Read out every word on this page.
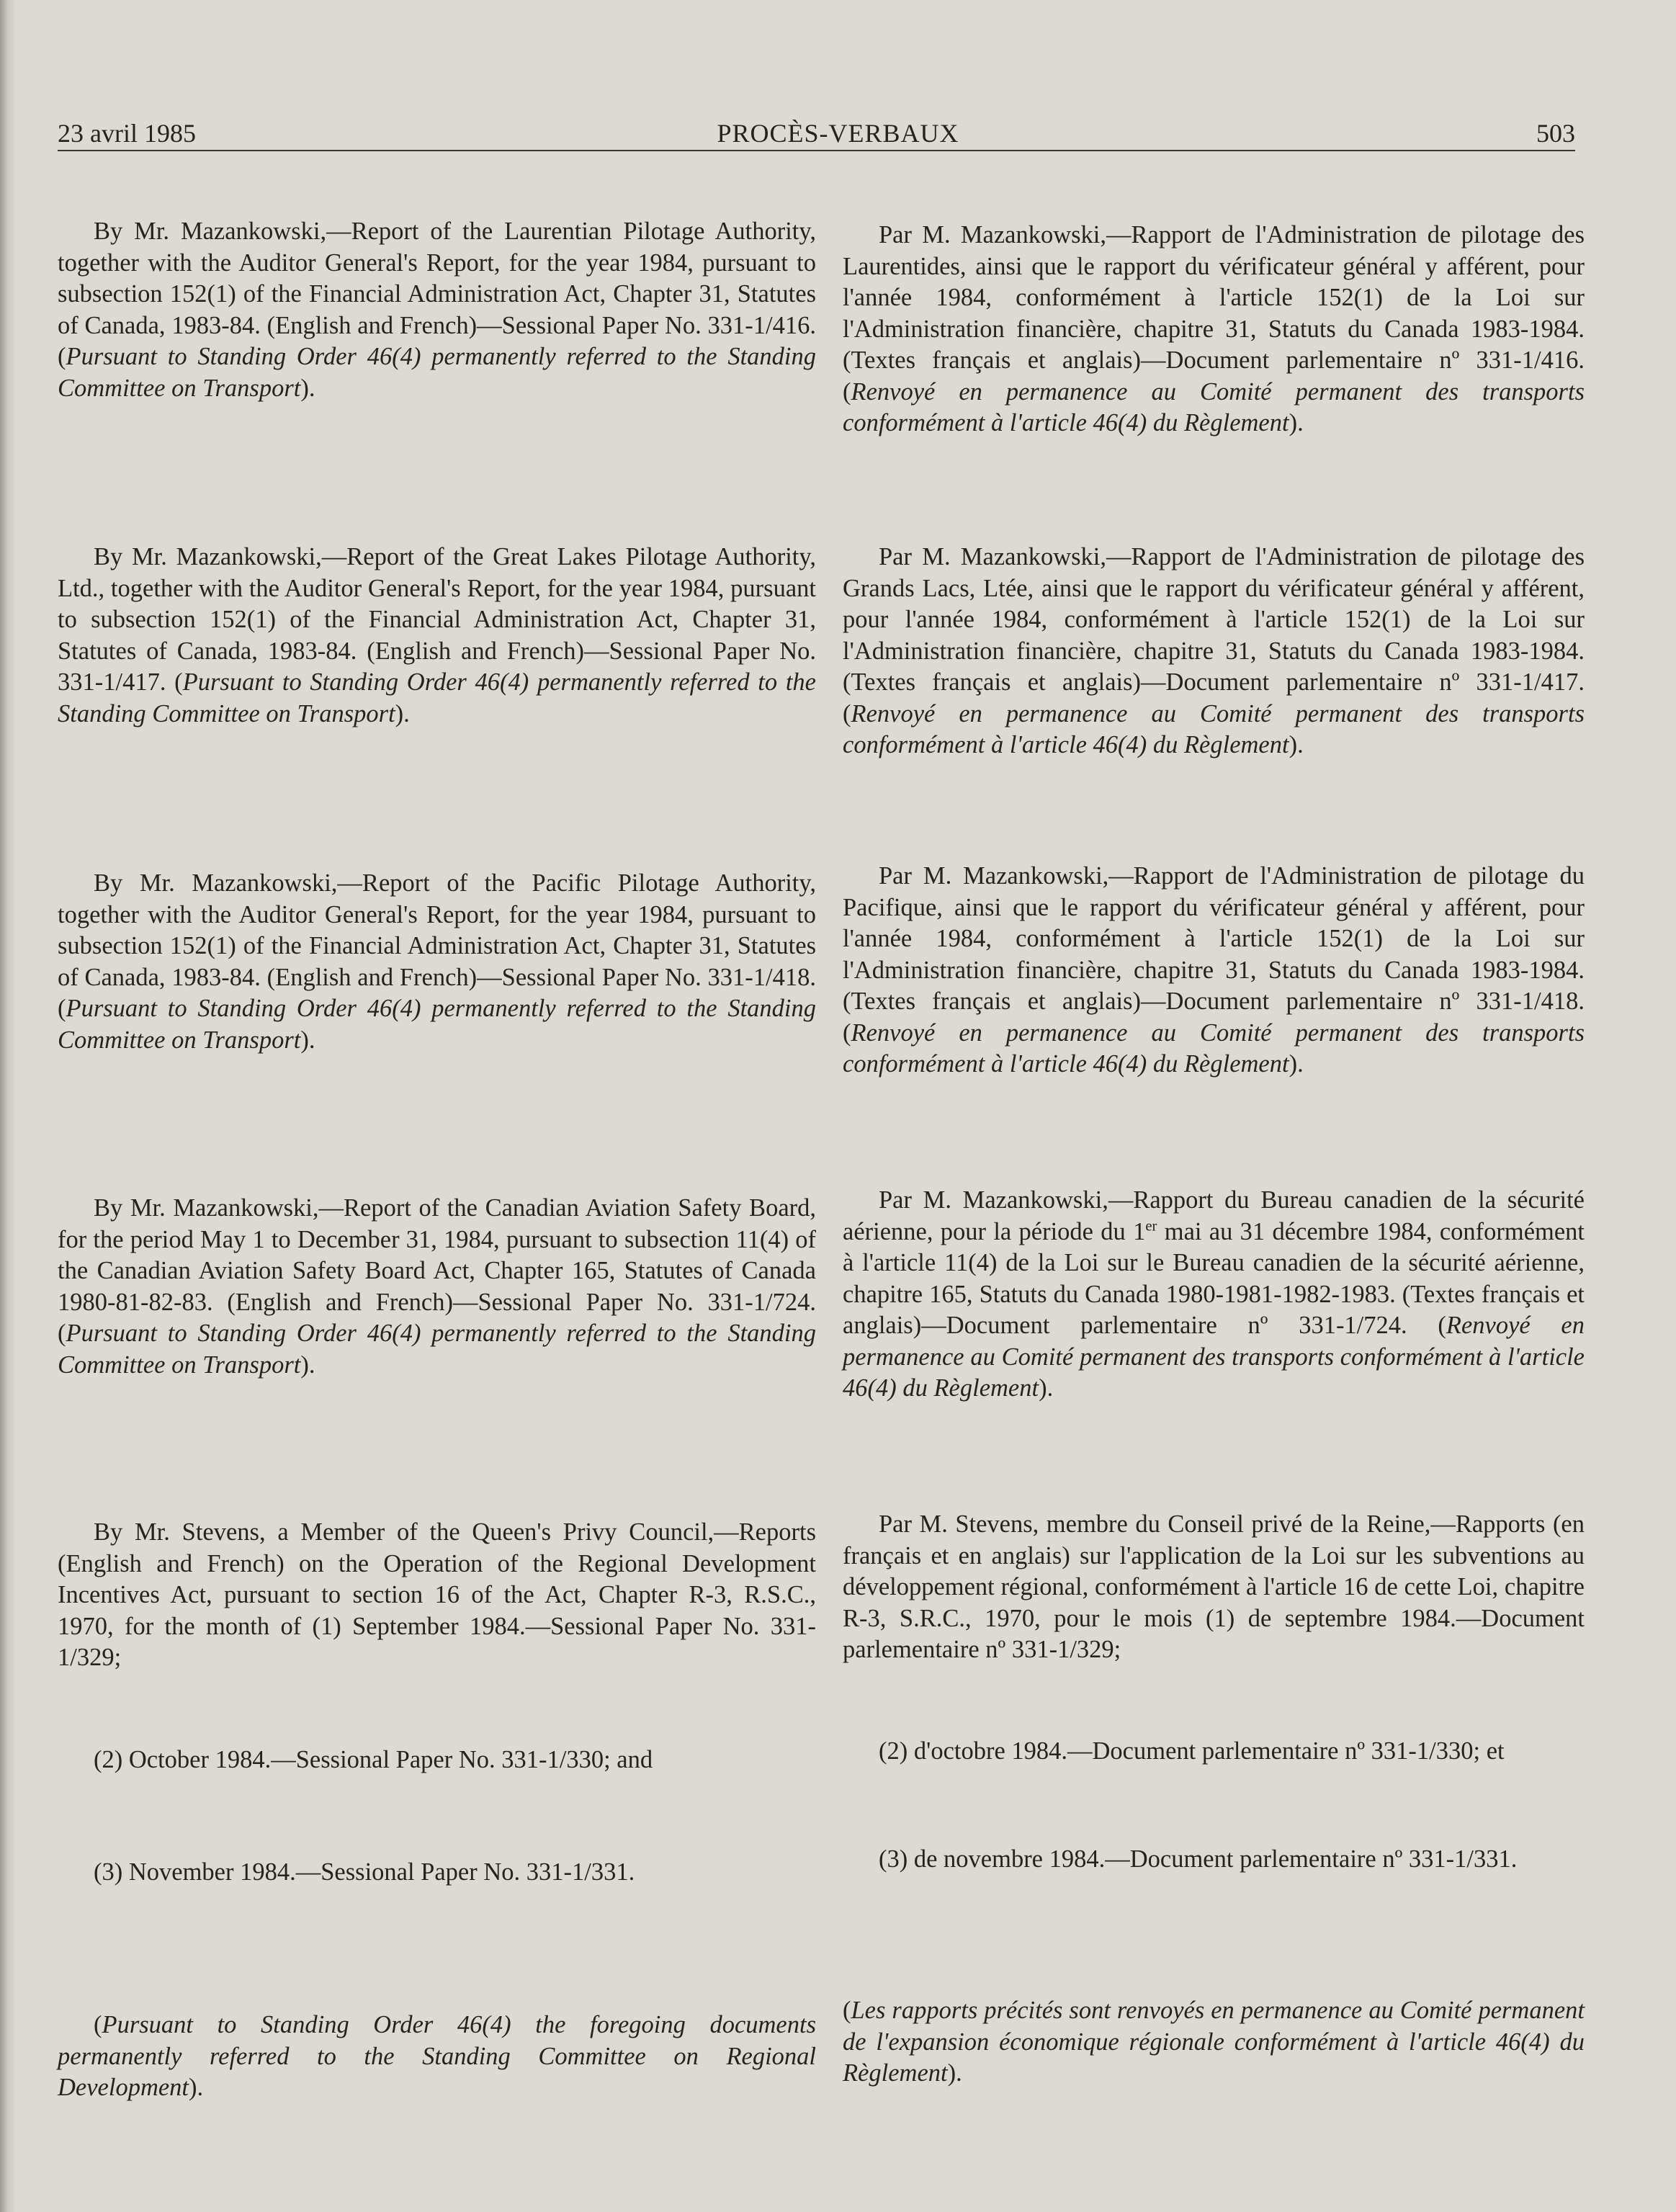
23 avril 1985	PROCÈS-VERBAUX	503
By Mr. Mazankowski,—Report of the Laurentian Pilotage Authority, together with the Auditor General's Report, for the year 1984, pursuant to subsection 152(1) of the Financial Administration Act, Chapter 31, Statutes of Canada, 1983-84. (English and French)—Sessional Paper No. 331-1/416. (Pursuant to Standing Order 46(4) permanently referred to the Standing Committee on Transport).
By Mr. Mazankowski,—Report of the Great Lakes Pilotage Authority, Ltd., together with the Auditor General's Report, for the year 1984, pursuant to subsection 152(1) of the Financial Administration Act, Chapter 31, Statutes of Canada, 1983-84. (English and French)—Sessional Paper No. 331-1/417. (Pursuant to Standing Order 46(4) permanently referred to the Standing Committee on Transport).
By Mr. Mazankowski,—Report of the Pacific Pilotage Authority, together with the Auditor General's Report, for the year 1984, pursuant to subsection 152(1) of the Financial Administration Act, Chapter 31, Statutes of Canada, 1983-84. (English and French)—Sessional Paper No. 331-1/418. (Pursuant to Standing Order 46(4) permanently referred to the Standing Committee on Transport).
By Mr. Mazankowski,—Report of the Canadian Aviation Safety Board, for the period May 1 to December 31, 1984, pursuant to subsection 11(4) of the Canadian Aviation Safety Board Act, Chapter 165, Statutes of Canada 1980-81-82-83. (English and French)—Sessional Paper No. 331-1/724. (Pursuant to Standing Order 46(4) permanently referred to the Standing Committee on Transport).
By Mr. Stevens, a Member of the Queen's Privy Council,—Reports (English and French) on the Operation of the Regional Development Incentives Act, pursuant to section 16 of the Act, Chapter R-3, R.S.C., 1970, for the month of (1) September 1984.—Sessional Paper No. 331-1/329;
(2) October 1984.—Sessional Paper No. 331-1/330; and
(3) November 1984.—Sessional Paper No. 331-1/331.
(Pursuant to Standing Order 46(4) the foregoing documents permanently referred to the Standing Committee on Regional Development).
Par M. Mazankowski,—Rapport de l'Administration de pilotage des Laurentides, ainsi que le rapport du vérificateur général y afférent, pour l'année 1984, conformément à l'article 152(1) de la Loi sur l'Administration financière, chapitre 31, Statuts du Canada 1983-1984. (Textes français et anglais)—Document parlementaire nº 331-1/416. (Renvoyé en permanence au Comité permanent des transports conformément à l'article 46(4) du Règlement).
Par M. Mazankowski,—Rapport de l'Administration de pilotage des Grands Lacs, Ltée, ainsi que le rapport du vérificateur général y afférent, pour l'année 1984, conformément à l'article 152(1) de la Loi sur l'Administration financière, chapitre 31, Statuts du Canada 1983-1984. (Textes français et anglais)—Document parlementaire nº 331-1/417. (Renvoyé en permanence au Comité permanent des transports conformément à l'article 46(4) du Règlement).
Par M. Mazankowski,—Rapport de l'Administration de pilotage du Pacifique, ainsi que le rapport du vérificateur général y afférent, pour l'année 1984, conformément à l'article 152(1) de la Loi sur l'Administration financière, chapitre 31, Statuts du Canada 1983-1984. (Textes français et anglais)—Document parlementaire nº 331-1/418. (Renvoyé en permanence au Comité permanent des transports conformément à l'article 46(4) du Règlement).
Par M. Mazankowski,—Rapport du Bureau canadien de la sécurité aérienne, pour la période du 1er mai au 31 décembre 1984, conformément à l'article 11(4) de la Loi sur le Bureau canadien de la sécurité aérienne, chapitre 165, Statuts du Canada 1980-1981-1982-1983. (Textes français et anglais)—Document parlementaire nº 331-1/724. (Renvoyé en permanence au Comité permanent des transports conformément à l'article 46(4) du Règlement).
Par M. Stevens, membre du Conseil privé de la Reine,—Rapports (en français et en anglais) sur l'application de la Loi sur les subventions au développement régional, conformément à l'article 16 de cette Loi, chapitre R-3, S.R.C., 1970, pour le mois (1) de septembre 1984.—Document parlementaire nº 331-1/329;
(2) d'octobre 1984.—Document parlementaire nº 331-1/330; et
(3) de novembre 1984.—Document parlementaire nº 331-1/331.
(Les rapports précités sont renvoyés en permanence au Comité permanent de l'expansion économique régionale conformément à l'article 46(4) du Règlement).
